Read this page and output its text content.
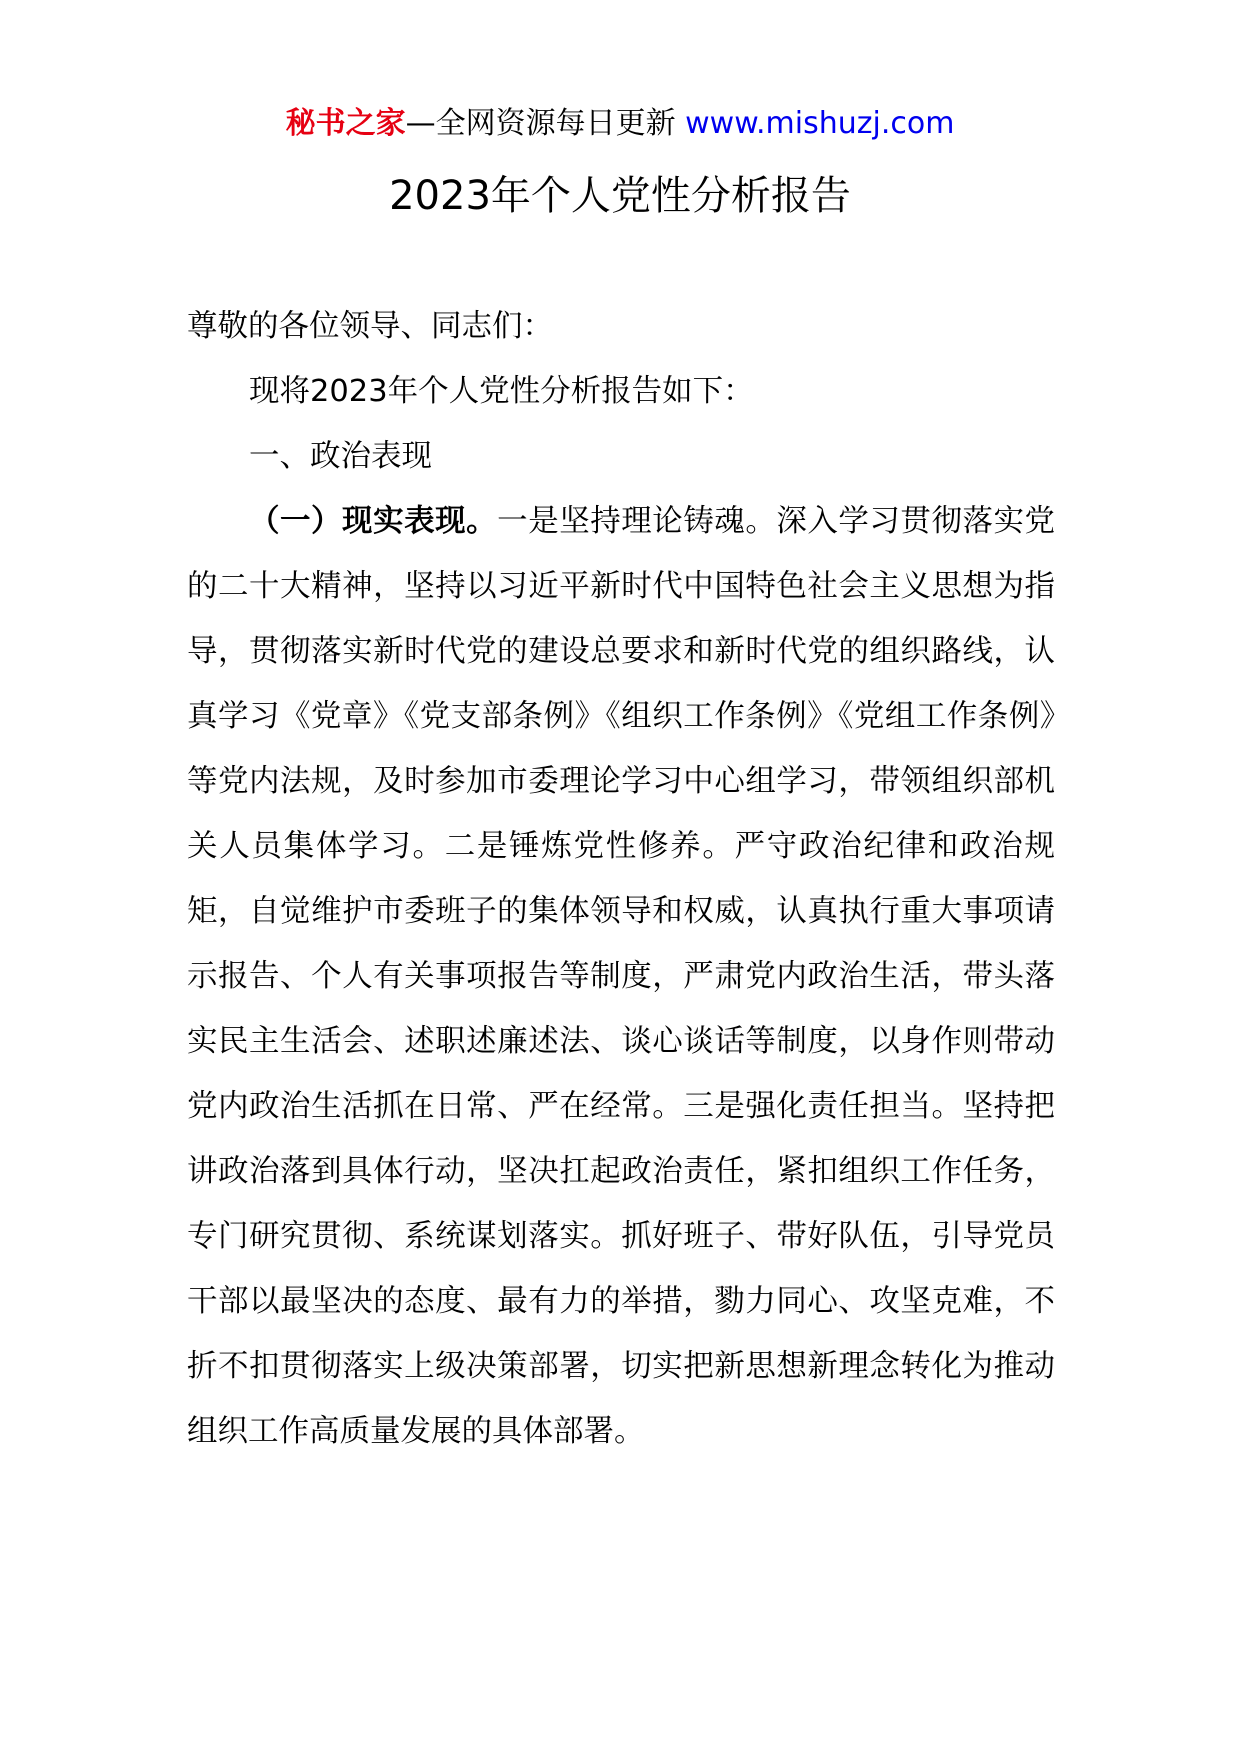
秘书之家—全网资源每日更新 www.mishuzj.com
2023年个人党性分析报告

尊敬的各位领导、同志们：

现将2023年个人党性分析报告如下：

一、政治表现

（一）现实表现。一是坚持理论铸魂。深入学习贯彻落实党的二十大精神，坚持以习近平新时代中国特色社会主义思想为指导，贯彻落实新时代党的建设总要求和新时代党的组织路线，认真学习《党章》《党支部条例》《组织工作条例》《党组工作条例》等党内法规，及时参加市委理论学习中心组学习，带领组织部机关人员集体学习。二是锤炼党性修养。严守政治纪律和政治规矩，自觉维护市委班子的集体领导和权威，认真执行重大事项请示报告、个人有关事项报告等制度，严肃党内政治生活，带头落实民主生活会、述职述廉述法、谈心谈话等制度，以身作则带动党内政治生活抓在日常、严在经常。三是强化责任担当。坚持把讲政治落到具体行动，坚决扛起政治责任，紧扣组织工作任务，专门研究贯彻、系统谋划落实。抓好班子、带好队伍，引导党员干部以最坚决的态度、最有力的举措，勠力同心、攻坚克难，不折不扣贯彻落实上级决策部署，切实把新思想新理念转化为推动组织工作高质量发展的具体部署。
